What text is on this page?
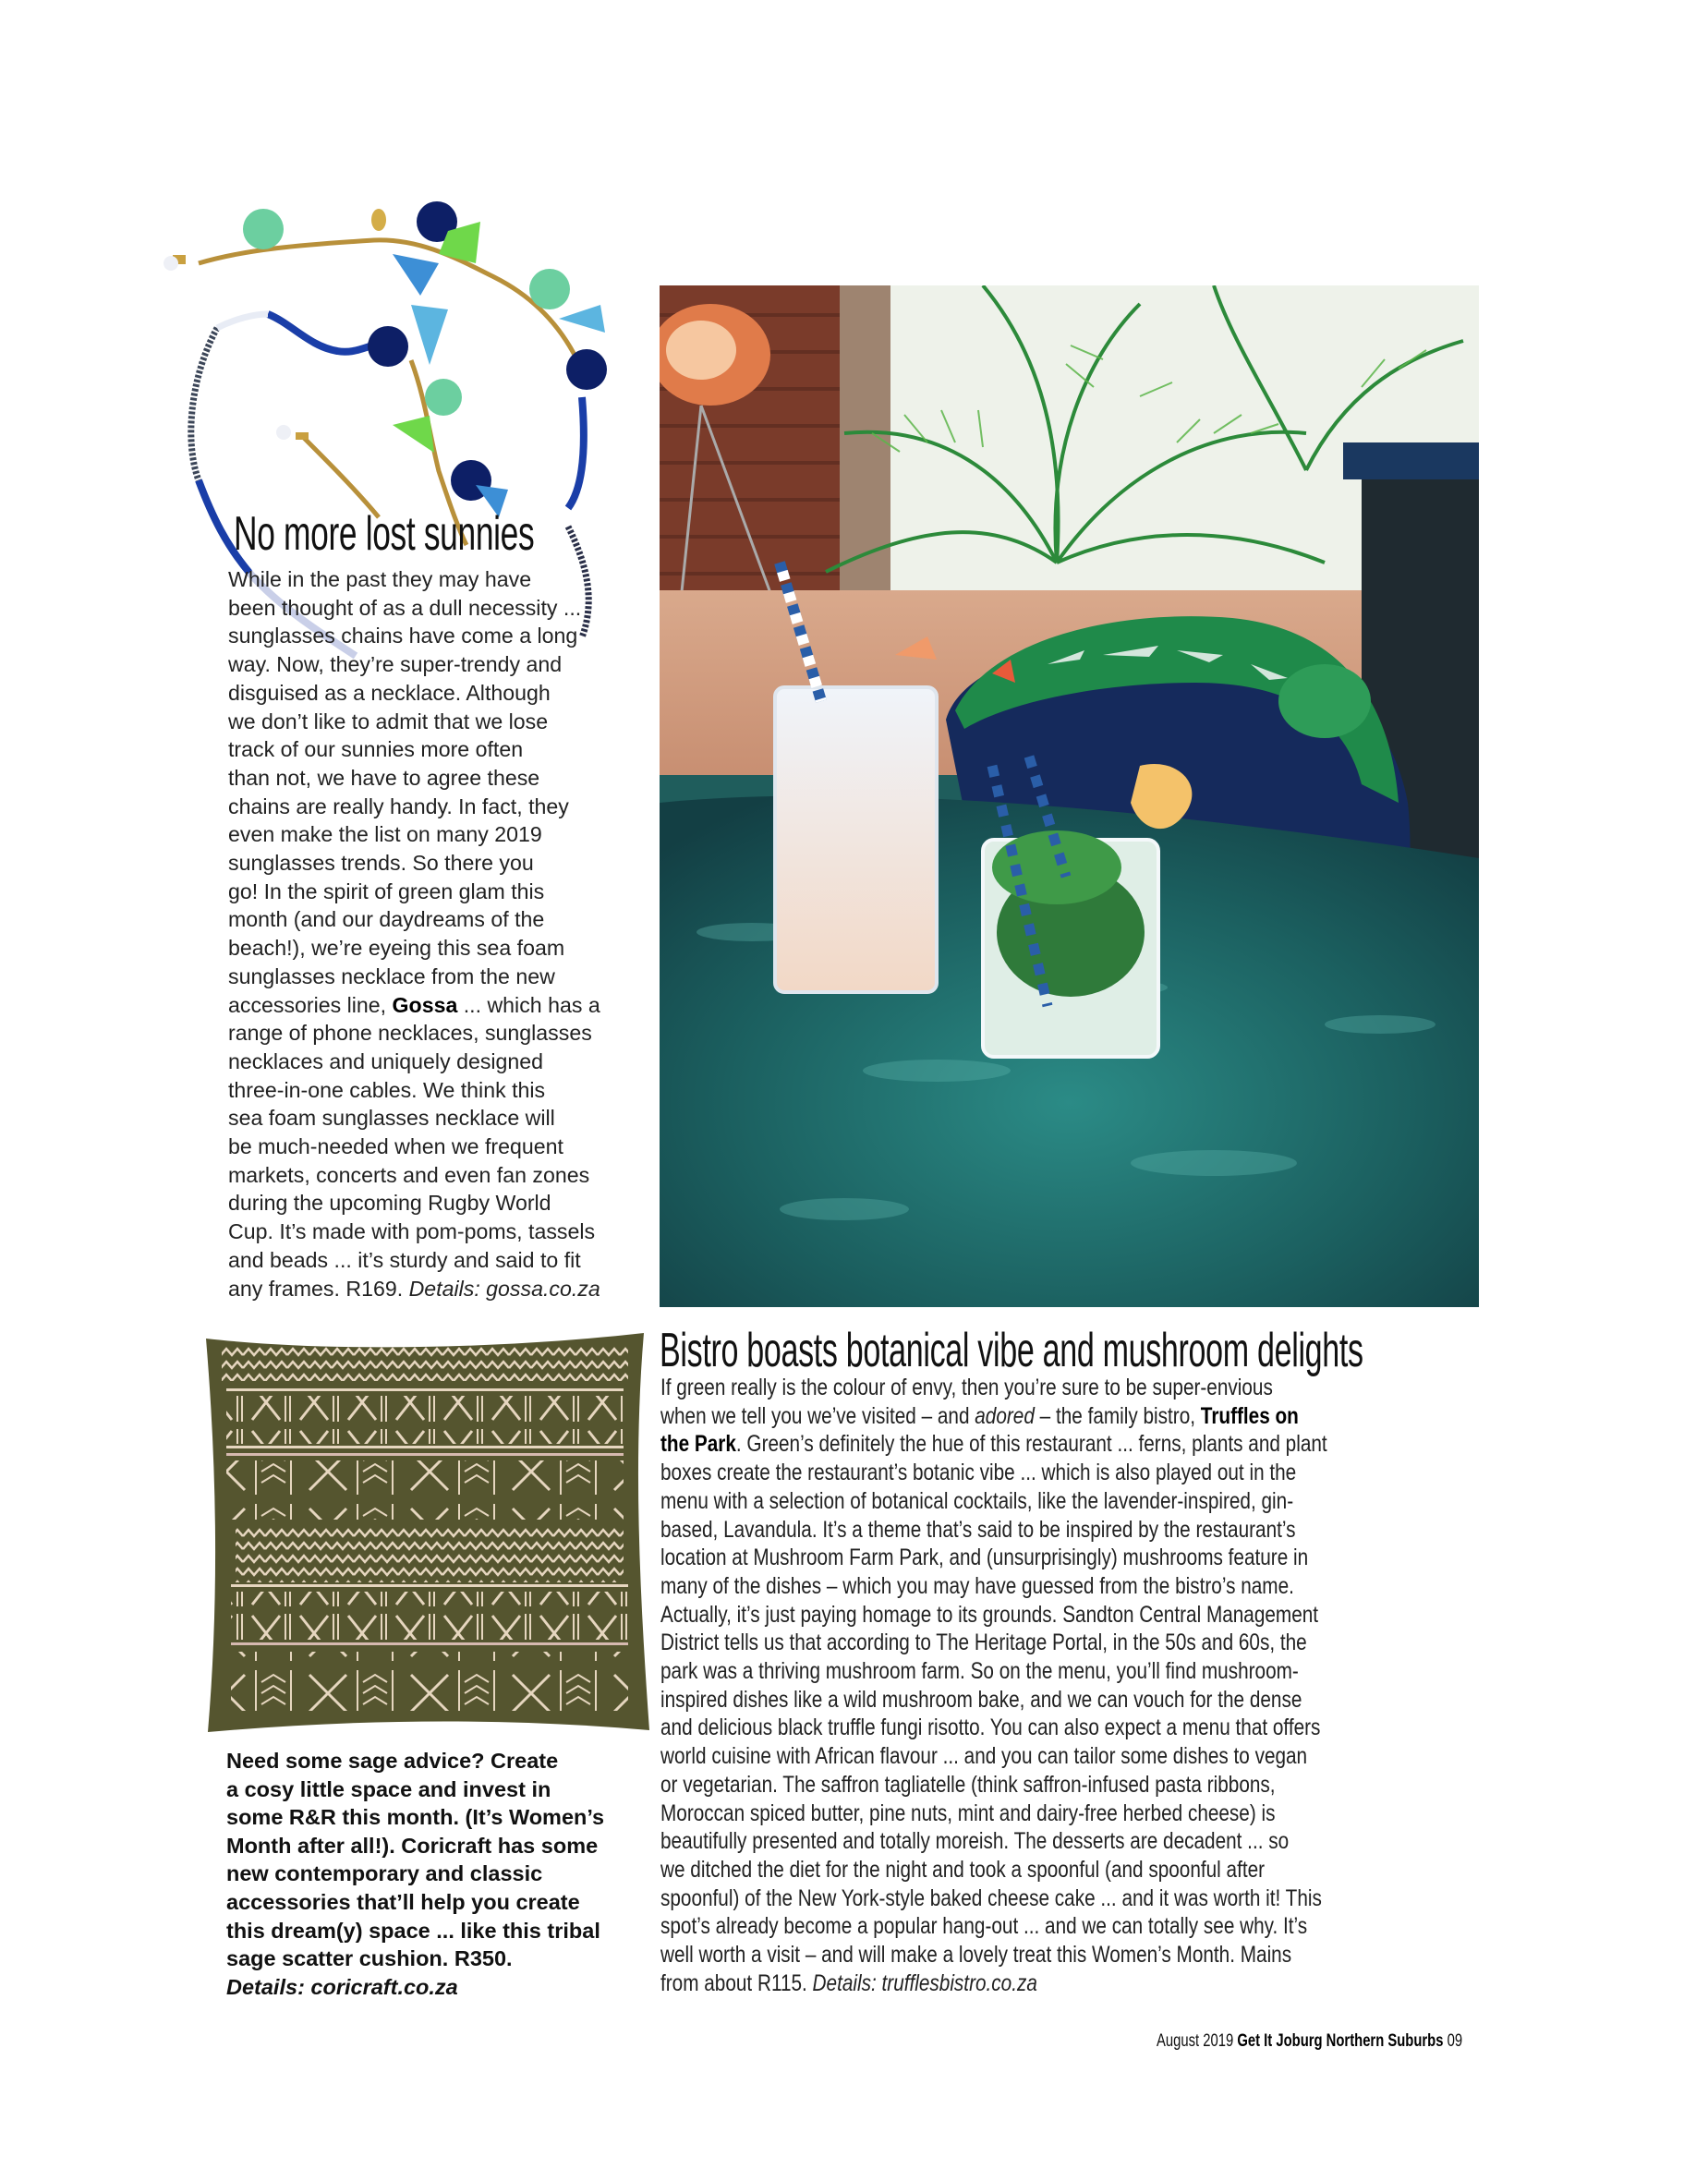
No more lost sunnies
While in the past they may have
been thought of as a dull necessity ...
sunglasses chains have come a long
way. Now, they’re super-trendy and
disguised as a necklace. Although
we don’t like to admit that we lose
track of our sunnies more often
than not, we have to agree these
chains are really handy. In fact, they
even make the list on many 2019
sunglasses trends. So there you
go! In the spirit of green glam this
month (and our daydreams of the
beach!), we’re eyeing this sea foam
sunglasses necklace from the new
accessories line, Gossa ... which has a
range of phone necklaces, sunglasses
necklaces and uniquely designed
three-in-one cables. We think this
sea foam sunglasses necklace will
be much-needed when we frequent
markets, concerts and even fan zones
during the upcoming Rugby World
Cup. It’s made with pom-poms, tassels
and beads ... it’s sturdy and said to fit
any frames. R169. Details: gossa.co.za
Bistro boasts botanical vibe and mushroom delights
If green really is the colour of envy, then you’re sure to be super-envious
when we tell you we’ve visited – and adored – the family bistro, Truffles on
the Park. Green’s definitely the hue of this restaurant ... ferns, plants and plant
boxes create the restaurant’s botanic vibe ... which is also played out in the
menu with a selection of botanical cocktails, like the lavender-inspired, gin-
based, Lavandula. It’s a theme that’s said to be inspired by the restaurant’s
location at Mushroom Farm Park, and (unsurprisingly) mushrooms feature in
many of the dishes – which you may have guessed from the bistro’s name.
Actually, it’s just paying homage to its grounds. Sandton Central Management
District tells us that according to The Heritage Portal, in the 50s and 60s, the
park was a thriving mushroom farm. So on the menu, you’ll find mushroom-
inspired dishes like a wild mushroom bake, and we can vouch for the dense
and delicious black truffle fungi risotto. You can also expect a menu that offers
world cuisine with African flavour ... and you can tailor some dishes to vegan
or vegetarian. The saffron tagliatelle (think saffron-infused pasta ribbons,
Moroccan spiced butter, pine nuts, mint and dairy-free herbed cheese) is
beautifully presented and totally moreish. The desserts are decadent ... so
we ditched the diet for the night and took a spoonful (and spoonful after
spoonful) of the New York-style baked cheese cake ... and it was worth it! This
spot’s already become a popular hang-out ... and we can totally see why. It’s
well worth a visit – and will make a lovely treat this Women’s Month. Mains
from about R115. Details: trufflesbistro.co.za
Need some sage advice? Create
a cosy little space and invest in
some R&R this month. (It’s Women’s
Month after all!). Coricraft has some
new contemporary and classic
accessories that’ll help you create
this dream(y) space ... like this tribal
sage scatter cushion. R350.
Details: coricraft.co.za
August 2019 Get It Joburg Northern Suburbs 09
